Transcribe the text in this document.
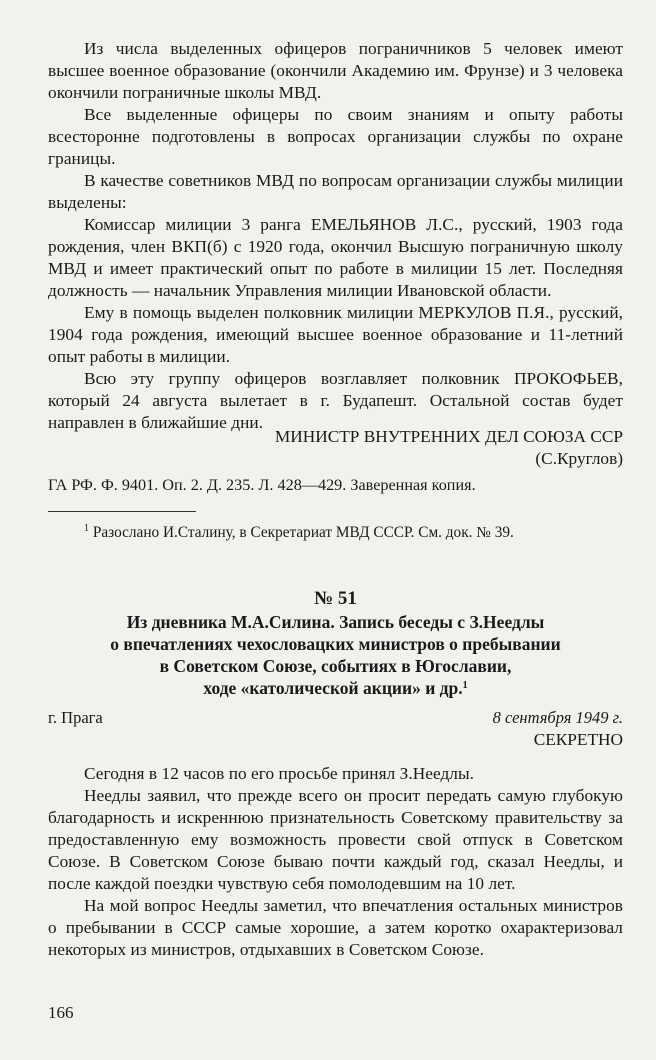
Из числа выделенных офицеров пограничников 5 человек имеют высшее военное образование (окончили Академию им. Фрунзе) и 3 человека окончили пограничные школы МВД.

Все выделенные офицеры по своим знаниям и опыту работы всесторонне подготовлены в вопросах организации службы по охране границы.

В качестве советников МВД по вопросам организации службы милиции выделены:

Комиссар милиции 3 ранга ЕМЕЛЬЯНОВ Л.С., русский, 1903 года рождения, член ВКП(б) с 1920 года, окончил Высшую пограничную школу МВД и имеет практический опыт по работе в милиции 15 лет. Последняя должность — начальник Управления милиции Ивановской области.

Ему в помощь выделен полковник милиции МЕРКУЛОВ П.Я., русский, 1904 года рождения, имеющий высшее военное образование и 11-летний опыт работы в милиции.

Всю эту группу офицеров возглавляет полковник ПРОКОФЬЕВ, который 24 августа вылетает в г. Будапешт. Остальной состав будет направлен в ближайшие дни.

МИНИСТР ВНУТРЕННИХ ДЕЛ СОЮЗА ССР

(С.Круглов)

ГА РФ. Ф. 9401. Оп. 2. Д. 235. Л. 428—429. Заверенная копия.

$^1$ Разослано И.Сталину, в Секретариат МВД СССР. См. док. № 39.

№ 51

Из дневника М.А.Силина. Запись беседы с З.Неедлы

о впечатлениях чехословацких министров о пребывании

в Советском Союзе, событиях в Югославии,

ходе «католической акции» и др.$^1$

г. Прага	8 сентября 1949 г.

СЕКРЕТНО

Сегодня в 12 часов по его просьбе принял З.Неедлы.

Неедлы заявил, что прежде всего он просит передать самую глубокую благодарность и искреннюю признательность Советскому правительству за предоставленную ему возможность провести свой отпуск в Советском Союзе. В Советском Союзе бываю почти каждый год, сказал Неедлы, и после каждой поездки чувствую себя помолодевшим на 10 лет.

На мой вопрос Неедлы заметил, что впечатления остальных министров о пребывании в СССР самые хорошие, а затем коротко охарактеризовал некоторых из министров, отдыхавших в Советском Союзе.

166
